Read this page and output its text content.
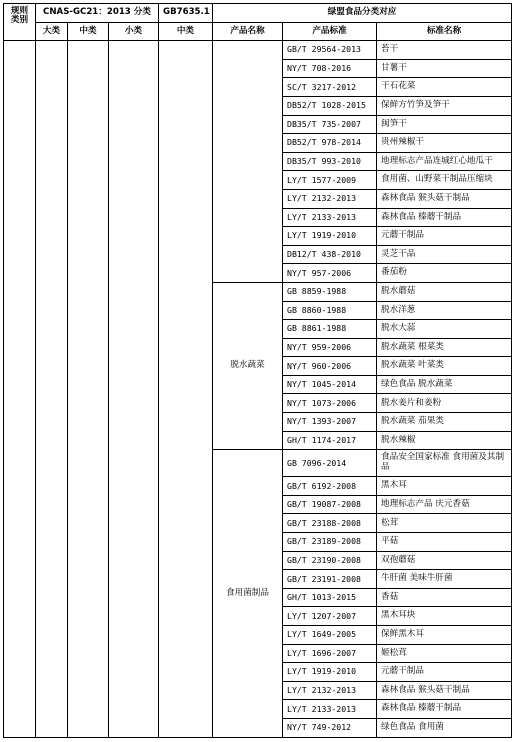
规则类别	CNAS-GC21：2013 分类			GB7635.1	绿盟食品分类对应		
	大类	中类	小类	中类	产品名称	产品标准	标准名称
						GB/T 29564-2013	苔干
						NY/T 708-2016	甘薯干
						SC/T 3217-2012	干石花菜
						DB52/T 1028-2015	保鲜方竹笋及笋干
						DB35/T 735-2007	闽笋干
						DB52/T 978-2014	贵州辣椒干
						DB35/T 993-2010	地理标志产品连城红心地瓜干
						LY/T 1577-2009	食用菌、山野菜干制品压缩块
						LY/T 2132-2013	森林食品 猴头菇干制品
						LY/T 2133-2013	森林食品 榛蘑干制品
						LY/T 1919-2010	元蘑干制品
						DB12/T 438-2010	灵芝干品
						NY/T 957-2006	番茄粉
					脱水蔬菜	GB 8859-1988	脱水蘑菇
						GB 8860-1988	脱水洋葱
						GB 8861-1988	脱水大蒜
						NY/T 959-2006	脱水蔬菜 根菜类
						NY/T 960-2006	脱水蔬菜 叶菜类
						NY/T 1045-2014	绿色食品 脱水蔬菜
						NY/T 1073-2006	脱水姜片和姜粉
						NY/T 1393-2007	脱水蔬菜 茄果类
						GH/T 1174-2017	脱水辣椒
					食用菌制品	GB 7096-2014	食品安全国家标准 食用菌及其制品
						GB/T 6192-2008	黑木耳
						GB/T 19087-2008	地理标志产品 庆元香菇
						GB/T 23188-2008	松茸
						GB/T 23189-2008	平菇
						GB/T 23190-2008	双孢蘑菇
						GB/T 23191-2008	牛肝菌 美味牛肝菌
						GH/T 1013-2015	香菇
						LY/T 1207-2007	黑木耳块
						LY/T 1649-2005	保鲜黑木耳
						LY/T 1696-2007	姬松茸
						LY/T 1919-2010	元蘑干制品
						LY/T 2132-2013	森林食品 猴头菇干制品
						LY/T 2133-2013	森林食品 榛蘑干制品
						NY/T 749-2012	绿色食品 食用菌
